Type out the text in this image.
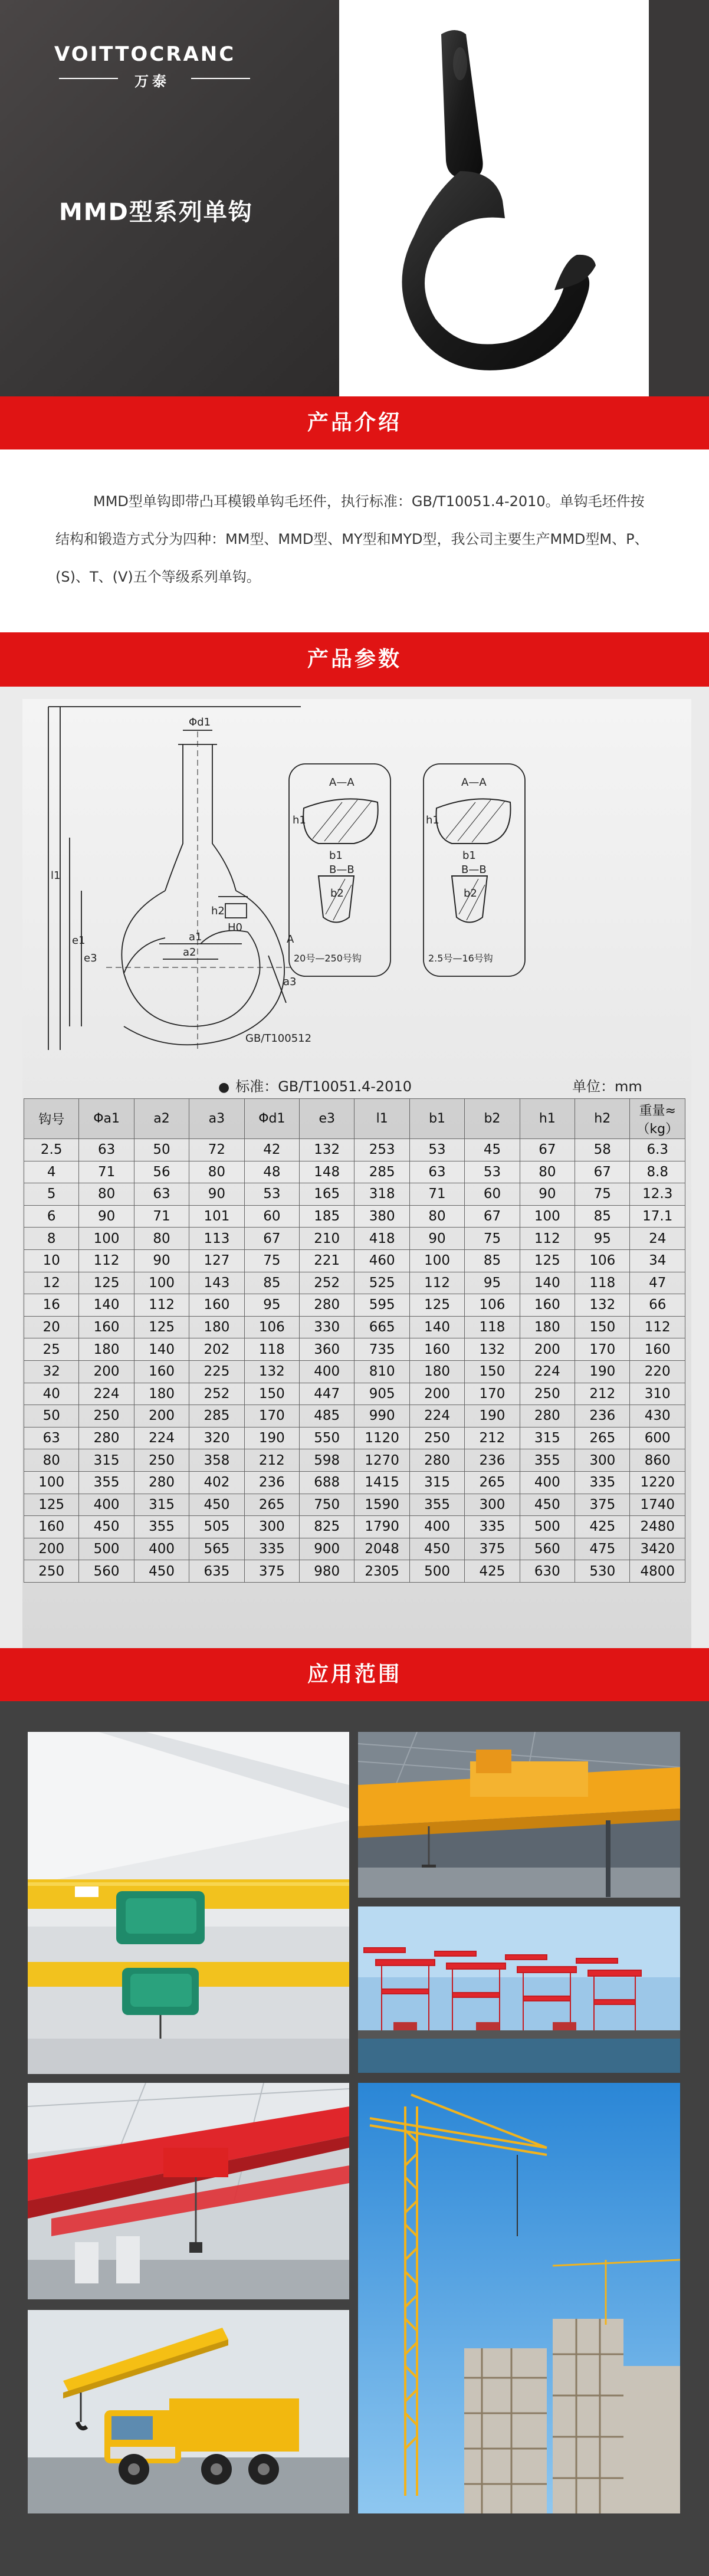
VOITTOCRANC
万泰
MMD型系列单钩
产品介绍

MMD型单钩即带凸耳模锻单钩毛坯件，执行标准：GB/T10051.4-2010。单钩毛坯件按结构和锻造方式分为四种：MM型、MMD型、MY型和MYD型，我公司主要生产MMD型M、P、(S)、T、(V)五个等级系列单钩。

产品参数
Φd1
l1
e1
e3
a1
a2
a3
h2
H0
A
GB/T100512
A—A
h1
b1
B—B
b2
20号—250号钩
A—A
h1
b1
B—B
b2
2.5号—16号钩
● 标准：GB/T10051.4-2010	单位：mm
钩号	Φa1	a2	a3	Φd1	e3	l1	b1	b2	h1	h2	重量≈
（kg）
2.5	63	50	72	42	132	253	53	45	67	58	6.3
4	71	56	80	48	148	285	63	53	80	67	8.8
5	80	63	90	53	165	318	71	60	90	75	12.3
6	90	71	101	60	185	380	80	67	100	85	17.1
8	100	80	113	67	210	418	90	75	112	95	24
10	112	90	127	75	221	460	100	85	125	106	34
12	125	100	143	85	252	525	112	95	140	118	47
16	140	112	160	95	280	595	125	106	160	132	66
20	160	125	180	106	330	665	140	118	180	150	112
25	180	140	202	118	360	735	160	132	200	170	160
32	200	160	225	132	400	810	180	150	224	190	220
40	224	180	252	150	447	905	200	170	250	212	310
50	250	200	285	170	485	990	224	190	280	236	430
63	280	224	320	190	550	1120	250	212	315	265	600
80	315	250	358	212	598	1270	280	236	355	300	860
100	355	280	402	236	688	1415	315	265	400	335	1220
125	400	315	450	265	750	1590	355	300	450	375	1740
160	450	355	505	300	825	1790	400	335	500	425	2480
200	500	400	565	335	900	2048	450	375	560	475	3420
250	560	450	635	375	980	2305	500	425	630	530	4800
应用范围
